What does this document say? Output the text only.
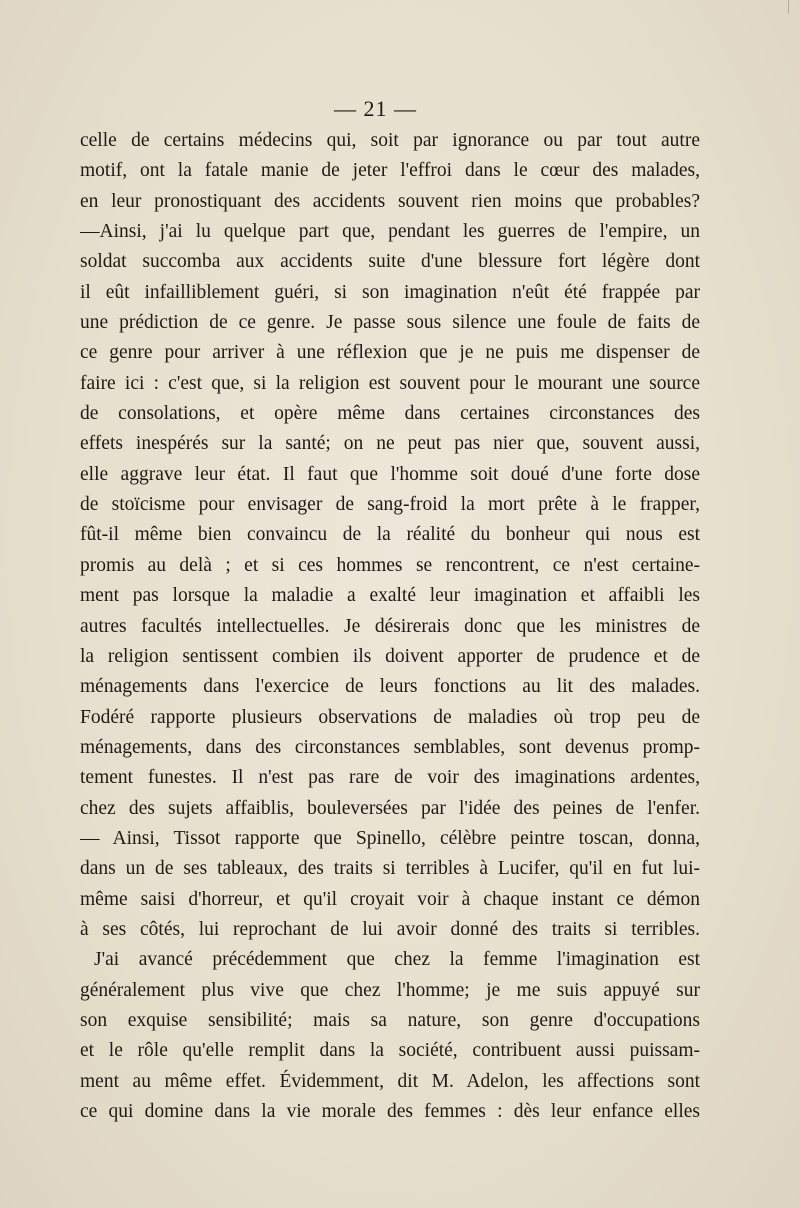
— 21 —
celle de certains médecins qui, soit par ignorance ou par tout autre
motif, ont la fatale manie de jeter l'effroi dans le cœur des malades,
en leur pronostiquant des accidents souvent rien moins que probables?
—Ainsi, j'ai lu quelque part que, pendant les guerres de l'empire, un
soldat succomba aux accidents suite d'une blessure fort légère dont
il eût infailliblement guéri, si son imagination n'eût été frappée par
une prédiction de ce genre. Je passe sous silence une foule de faits de
ce genre pour arriver à une réflexion que je ne puis me dispenser de
faire ici : c'est que, si la religion est souvent pour le mourant une source
de consolations, et opère même dans certaines circonstances des
effets inespérés sur la santé; on ne peut pas nier que, souvent aussi,
elle aggrave leur état. Il faut que l'homme soit doué d'une forte dose
de stoïcisme pour envisager de sang-froid la mort prête à le frapper,
fût-il même bien convaincu de la réalité du bonheur qui nous est
promis au delà ; et si ces hommes se rencontrent, ce n'est certaine-
ment pas lorsque la maladie a exalté leur imagination et affaibli les
autres facultés intellectuelles. Je désirerais donc que les ministres de
la religion sentissent combien ils doivent apporter de prudence et de
ménagements dans l'exercice de leurs fonctions au lit des malades.
Fodéré rapporte plusieurs observations de maladies où trop peu de
ménagements, dans des circonstances semblables, sont devenus promp-
tement funestes. Il n'est pas rare de voir des imaginations ardentes,
chez des sujets affaiblis, bouleversées par l'idée des peines de l'enfer.
— Ainsi, Tissot rapporte que Spinello, célèbre peintre toscan, donna,
dans un de ses tableaux, des traits si terribles à Lucifer, qu'il en fut lui-
même saisi d'horreur, et qu'il croyait voir à chaque instant ce démon
à ses côtés, lui reprochant de lui avoir donné des traits si terribles.
J'ai avancé précédemment que chez la femme l'imagination est
généralement plus vive que chez l'homme; je me suis appuyé sur
son exquise sensibilité; mais sa nature, son genre d'occupations
et le rôle qu'elle remplit dans la société, contribuent aussi puissam-
ment au même effet. Évidemment, dit M. Adelon, les affections sont
ce qui domine dans la vie morale des femmes : dès leur enfance elles
